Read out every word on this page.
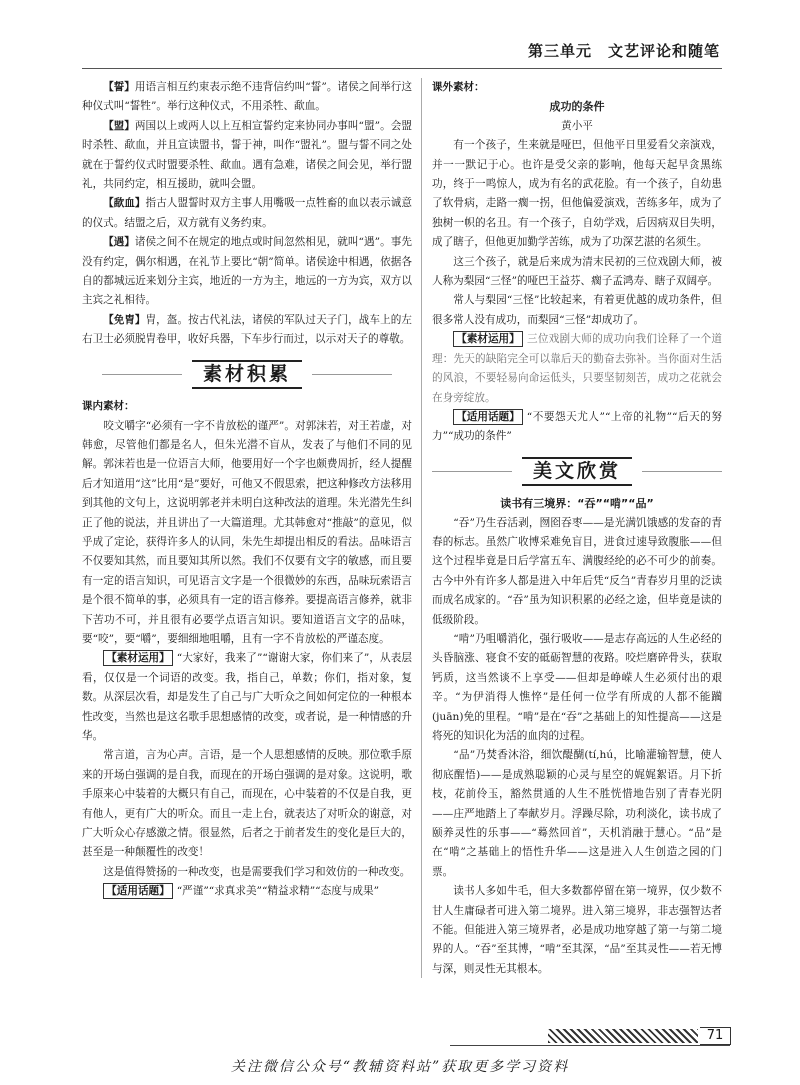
第三单元　文艺评论和随笔

【誓】用语言相互约束表示绝不违背信约叫“誓”。诸侯之间举行这种仪式叫“誓牲”。举行这种仪式，不用杀牲、歃血。

【盟】两国以上或两人以上互相宣誓约定来协同办事叫“盟”。会盟时杀牲、歃血，并且宣读盟书，誓于神，叫作“盟礼”。盟与誓不同之处就在于誓约仪式时盟要杀牲、歃血。遇有急难，诸侯之间会见，举行盟礼，共同约定，相互援助，就叫会盟。

【歃血】指古人盟誓时双方主事人用嘴吸一点牲畜的血以表示诚意的仪式。结盟之后，双方就有义务约束。

【遇】诸侯之间不在规定的地点或时间忽然相见，就叫“遇”。事先没有约定，偶尔相遇，在礼节上要比“朝”简单。诸侯途中相遇，依据各自的都城远近来划分主宾，地近的一方为主，地远的一方为宾，双方以主宾之礼相待。

【免胄】胄，盔。按古代礼法，诸侯的军队过天子门，战车上的左右卫士必须脱胄卷甲，收好兵器，下车步行而过，以示对天子的尊敬。

素材积累

课内素材：

咬文嚼字“必须有一字不肯放松的谨严”。对郭沫若，对王若虚，对韩愈，尽管他们都是名人，但朱光潜不盲从，发表了与他们不同的见解。郭沫若也是一位语言大师，他要用好一个字也颇费周折，经人提醒后才知道用“这”比用“是”要好，可他又不假思索，把这种修改方法移用到其他的文句上，这说明郭老并未明白这种改法的道理。朱光潜先生纠正了他的说法，并且讲出了一大篇道理。尤其韩愈对“推敲”的意见，似乎成了定论，获得许多人的认同，朱先生却提出相反的看法。品味语言不仅要知其然，而且要知其所以然。我们不仅要有文字的敏感，而且要有一定的语言知识，可见语言文字是一个很微妙的东西，品味玩索语言是个很不简单的事，必须具有一定的语言修养。要提高语言修养，就非下苦功不可，并且很有必要学点语言知识。要知道语言文字的品味，要“咬”，要“嚼”，要细细地咀嚼，且有一字不肯放松的严谨态度。

【素材运用】 “大家好，我来了”“谢谢大家，你们来了”，从表层看，仅仅是一个词语的改变。我，指自己，单数；你们，指对象，复数。从深层次看，却是发生了自己与广大听众之间如何定位的一种根本性改变，当然也是这名歌手思想感情的改变，或者说，是一种情感的升华。

常言道，言为心声。言语，是一个人思想感情的反映。那位歌手原来的开场白强调的是自我，而现在的开场白强调的是对象。这说明，歌手原来心中装着的大概只有自己，而现在，心中装着的不仅是自我，更有他人，更有广大的听众。而且一走上台，就表达了对听众的谢意，对广大听众心存感激之情。很显然，后者之于前者发生的变化是巨大的，甚至是一种颠覆性的改变！

这是值得赞扬的一种改变，也是需要我们学习和效仿的一种改变。

【适用话题】 “严谨”“求真求美”“精益求精”“态度与成果”

课外素材：

成功的条件

黄小平

有一个孩子，生来就是哑巴，但他平日里爱看父亲演戏，并一一默记于心。也许是受父亲的影响，他每天起早贪黑练功，终于一鸣惊人，成为有名的武花脸。有一个孩子，自幼患了软骨病，走路一瘸一拐，但他偏爱演戏，苦练多年，成为了独树一帜的名丑。有一个孩子，自幼学戏，后因病双目失明，成了瞎子，但他更加勤学苦练，成为了功深艺湛的名须生。

这三个孩子，就是后来成为清末民初的三位戏剧大师，被人称为梨园“三怪”的哑巴王益芬、瘸子孟鸿寿、瞎子双阔亭。

常人与梨园“三怪”比较起来，有着更优越的成功条件，但很多常人没有成功，而梨园“三怪”却成功了。

【素材运用】 三位戏剧大师的成功向我们诠释了一个道理：先天的缺陷完全可以靠后天的勤奋去弥补。当你面对生活的风浪，不要轻易向命运低头，只要坚韧刻苦，成功之花就会在身旁绽放。

【适用话题】 “不要怨天尤人”“上帝的礼物”“后天的努力”“成功的条件”

美文欣赏

读书有三境界：“吞”“啃”“品”

“吞”乃生吞活剥，囫囵吞枣——是光满饥饿感的发奋的青春的标志。虽然广收博采难免盲目，进食过速导致腹胀——但这个过程毕竟是日后学富五车、满腹经纶的必不可少的前奏。古今中外有许多人都是进入中年后凭“反刍”青春岁月里的泛读而成名成家的。“吞”虽为知识积累的必经之途，但毕竟是读的低级阶段。

“啃”乃咀嚼消化，强行吸收——是志存高远的人生必经的头昏脑涨、寝食不安的砥砺智慧的夜路。咬烂磨碎骨头，获取钙质，这当然谈不上享受——但却是峥嵘人生必须付出的艰辛。“为伊消得人憔悴”是任何一位学有所成的人都不能躏(juān)免的里程。“啃”是在“吞”之基础上的知性提高——这是将死的知识化为活的血肉的过程。

“品”乃焚香沐浴，细饮醍醐(tí,hú，比喻灌输智慧，使人彻底醒悟)——是成熟聪颖的心灵与星空的娓娓絮语。月下折枝，花前伶玉，豁然贯通的人生不胜恍惜地告别了青春光阴——庄严地踏上了奉献岁月。浮躁尽除，功利淡化，读书成了颐养灵性的乐事——“蓦然回首”，天机消融于慧心。“品”是在“啃”之基础上的悟性升华——这是进入人生创造之园的门票。

读书人多如牛毛，但大多数都停留在第一境界，仅少数不甘人生庸碌者可进入第二境界。进入第三境界，非志强智达者不能。但能进入第三境界者，必是成功地穿越了第一与第二境界的人。“吞”至其博，“啃”至其深，“品”至其灵性——若无博与深，则灵性无其根本。

71
关注微信公众号“教辅资料站”获取更多学习资料
